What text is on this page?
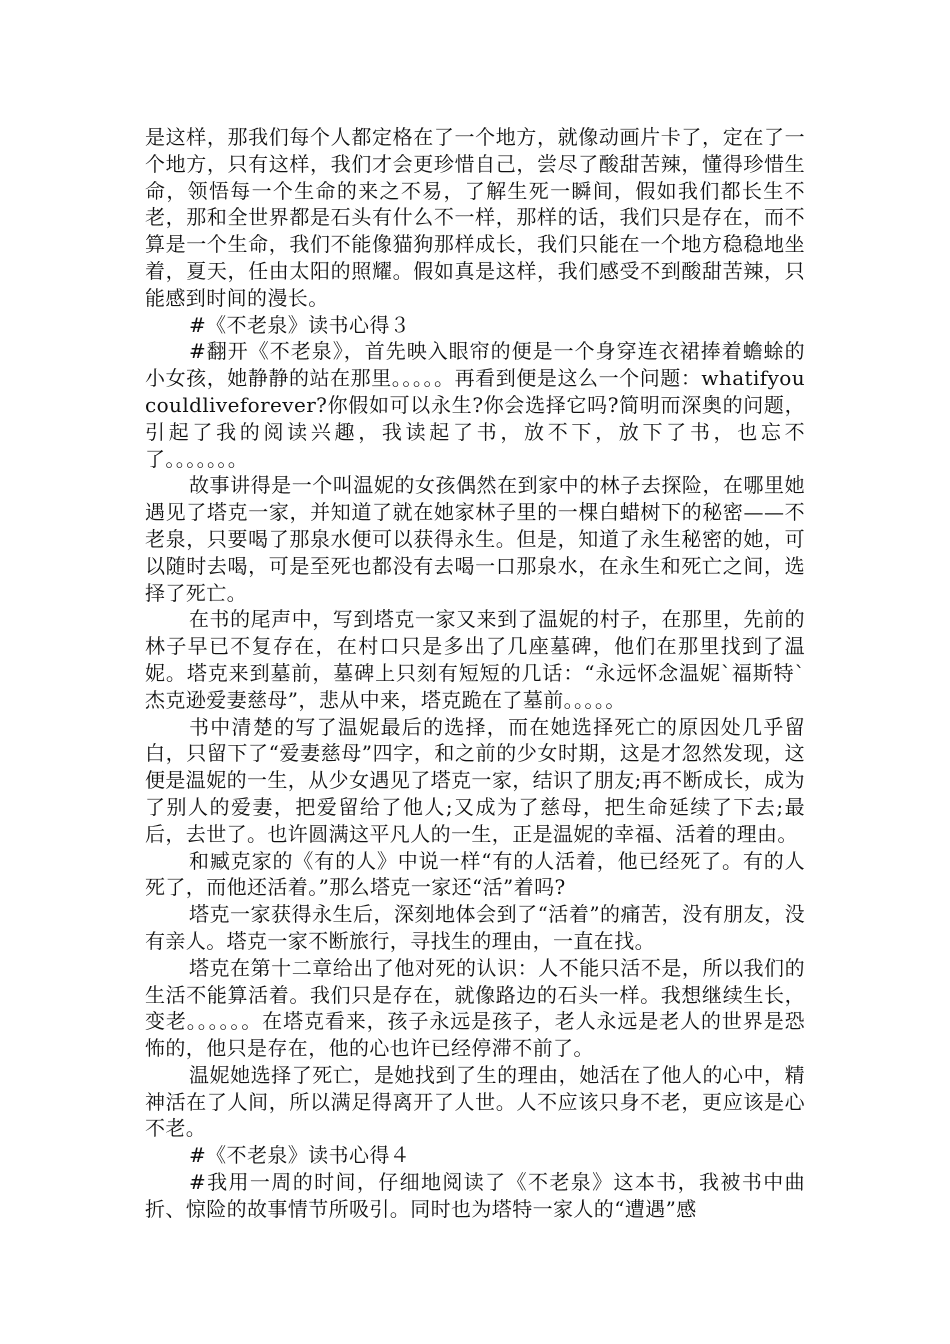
是这样，那我们每个人都定格在了一个地方，就像动画片卡了，定在了一个地方，只有这样，我们才会更珍惜自己，尝尽了酸甜苦辣，懂得珍惜生命，领悟每一个生命的来之不易，了解生死一瞬间，假如我们都长生不老，那和全世界都是石头有什么不一样，那样的话，我们只是存在，而不算是一个生命，我们不能像猫狗那样成长，我们只能在一个地方稳稳地坐着，夏天，任由太阳的照耀。假如真是这样，我们感受不到酸甜苦辣，只能感到时间的漫长。

#《不老泉》读书心得３

#翻开《不老泉》，首先映入眼帘的便是一个身穿连衣裙捧着蟾蜍的小女孩，她静静的站在那里。。。。。再看到便是这么一个问题：whatifyoucouldliveforever?你假如可以永生?你会选择它吗?简明而深奥的问题，引起了我的阅读兴趣，我读起了书，放不下，放下了书，也忘不了。。。。。。。

故事讲得是一个叫温妮的女孩偶然在到家中的林子去探险，在哪里她遇见了塔克一家，并知道了就在她家林子里的一棵白蜡树下的秘密——不老泉，只要喝了那泉水便可以获得永生。但是，知道了永生秘密的她，可以随时去喝，可是至死也都没有去喝一口那泉水，在永生和死亡之间，选择了死亡。

在书的尾声中，写到塔克一家又来到了温妮的村子，在那里，先前的林子早已不复存在，在村口只是多出了几座墓碑，他们在那里找到了温妮。塔克来到墓前，墓碑上只刻有短短的几话：“永远怀念温妮`福斯特`杰克逊爱妻慈母”，悲从中来，塔克跪在了墓前。。。。。

书中清楚的写了温妮最后的选择，而在她选择死亡的原因处几乎留白，只留下了“爱妻慈母”四字，和之前的少女时期，这是才忽然发现，这便是温妮的一生，从少女遇见了塔克一家，结识了朋友;再不断成长，成为了别人的爱妻，把爱留给了他人;又成为了慈母，把生命延续了下去;最后，去世了。也许圆满这平凡人的一生，正是温妮的幸福、活着的理由。

和臧克家的《有的人》中说一样“有的人活着，他已经死了。有的人死了，而他还活着。”那么塔克一家还“活”着吗?

塔克一家获得永生后，深刻地体会到了“活着”的痛苦，没有朋友，没有亲人。塔克一家不断旅行，寻找生的理由，一直在找。

塔克在第十二章给出了他对死的认识：人不能只活不是，所以我们的生活不能算活着。我们只是存在，就像路边的石头一样。我想继续生长，变老。。。。。。在塔克看来，孩子永远是孩子，老人永远是老人的世界是恐怖的，他只是存在，他的心也许已经停滞不前了。

温妮她选择了死亡，是她找到了生的理由，她活在了他人的心中，精神活在了人间，所以满足得离开了人世。人不应该只身不老，更应该是心不老。

#《不老泉》读书心得４

#我用一周的时间，仔细地阅读了《不老泉》这本书，我被书中曲折、惊险的故事情节所吸引。同时也为塔特一家人的“遭遇”感
